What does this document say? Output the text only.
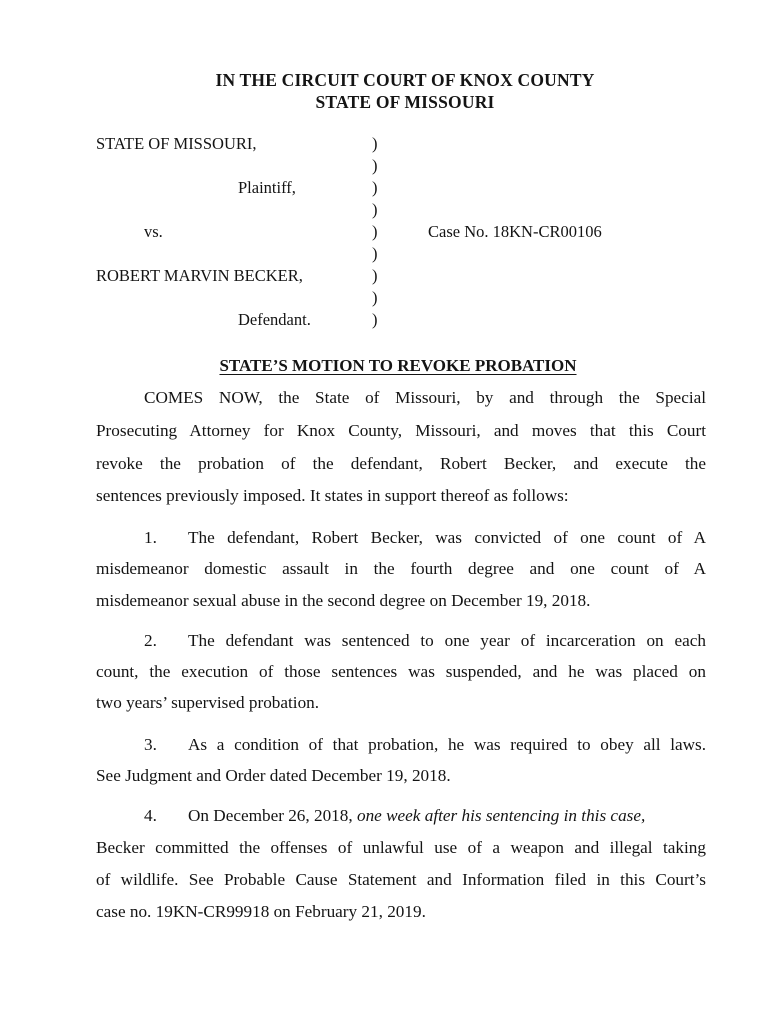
IN THE CIRCUIT COURT OF KNOX COUNTY
STATE OF MISSOURI
STATE OF MISSOURI,
Plaintiff,
vs.
ROBERT MARVIN BECKER,
Defendant.
Case No. 18KN-CR00106
)
)
)
)
)
)
)
)
)
STATE’S MOTION TO REVOKE PROBATION
COMES NOW, the State of Missouri, by and through the Special
Prosecuting Attorney for Knox County, Missouri, and moves that this Court
revoke the probation of the defendant, Robert Becker, and execute the
sentences previously imposed. It states in support thereof as follows:
1. The defendant, Robert Becker, was convicted of one count of A
misdemeanor domestic assault in the fourth degree and one count of A
misdemeanor sexual abuse in the second degree on December 19, 2018.
2. The defendant was sentenced to one year of incarceration on each
count, the execution of those sentences was suspended, and he was placed on
two years’ supervised probation.
3. As a condition of that probation, he was required to obey all laws.
See Judgment and Order dated December 19, 2018.
4. On December 26, 2018, one week after his sentencing in this case,
Becker committed the offenses of unlawful use of a weapon and illegal taking
of wildlife. See Probable Cause Statement and Information filed in this Court’s
case no. 19KN-CR99918 on February 21, 2019.
